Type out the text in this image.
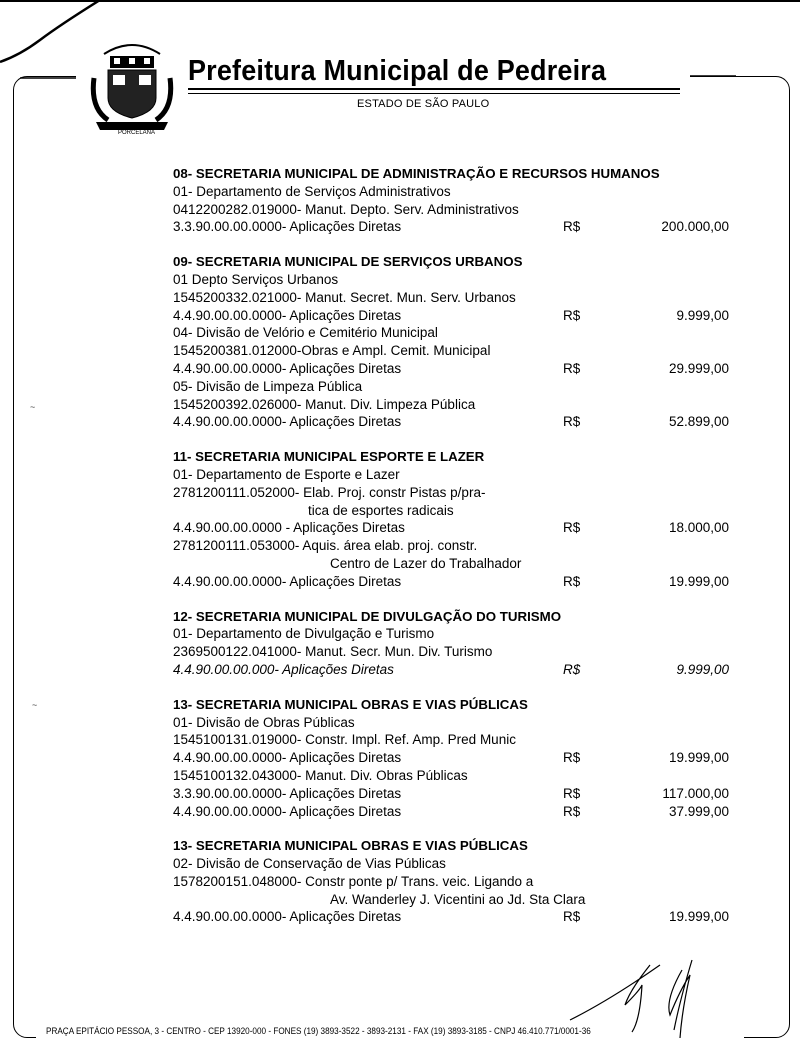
FLOR DA PORCELANA
Prefeitura Municipal de Pedreira
ESTADO DE SÃO PAULO
08- SECRETARIA MUNICIPAL DE ADMINISTRAÇÃO E RECURSOS HUMANOS
01- Departamento de Serviços Administrativos
0412200282.019000- Manut. Depto. Serv. Administrativos
3.3.90.00.00.0000- Aplicações Diretas	R$	200.000,00
09- SECRETARIA MUNICIPAL DE SERVIÇOS URBANOS
01 Depto Serviços Urbanos
1545200332.021000- Manut. Secret. Mun. Serv. Urbanos
4.4.90.00.00.0000- Aplicações Diretas	R$	9.999,00
04- Divisão de Velório e Cemitério Municipal
1545200381.012000-Obras e Ampl. Cemit. Municipal
4.4.90.00.00.0000- Aplicações Diretas	R$	29.999,00
05- Divisão de Limpeza Pública
1545200392.026000- Manut. Div. Limpeza Pública
4.4.90.00.00.0000- Aplicações Diretas	R$	52.899,00
11- SECRETARIA MUNICIPAL ESPORTE E LAZER
01- Departamento de Esporte e Lazer
2781200111.052000- Elab. Proj. constr Pistas p/pra-
tica de esportes radicais
4.4.90.00.00.0000 - Aplicações Diretas	R$	18.000,00
2781200111.053000- Aquis. área elab. proj. constr.
Centro de Lazer do Trabalhador
4.4.90.00.00.0000- Aplicações Diretas	R$	19.999,00
12- SECRETARIA MUNICIPAL DE DIVULGAÇÃO DO TURISMO
01- Departamento de Divulgação e Turismo
2369500122.041000- Manut. Secr. Mun. Div. Turismo
4.4.90.00.00.000- Aplicações Diretas	R$	9.999,00
13- SECRETARIA MUNICIPAL OBRAS E VIAS PÚBLICAS
01- Divisão de Obras Públicas
1545100131.019000- Constr. Impl. Ref. Amp. Pred Munic
4.4.90.00.00.0000- Aplicações Diretas	R$	19.999,00
1545100132.043000- Manut. Div. Obras Públicas
3.3.90.00.00.0000- Aplicações Diretas	R$	117.000,00
4.4.90.00.00.0000- Aplicações Diretas	R$	37.999,00
13- SECRETARIA MUNICIPAL OBRAS E VIAS PÚBLICAS
02- Divisão de Conservação de Vias Públicas
1578200151.048000- Constr ponte p/ Trans. veic. Ligando a
Av. Wanderley J. Vicentini ao Jd. Sta Clara
4.4.90.00.00.0000- Aplicações Diretas	R$	19.999,00
~
~
PRAÇA EPITÁCIO PESSOA, 3 - CENTRO - CEP 13920-000 - FONES (19) 3893-3522 - 3893-2131 - FAX (19) 3893-3185 - CNPJ 46.410.771/0001-36
